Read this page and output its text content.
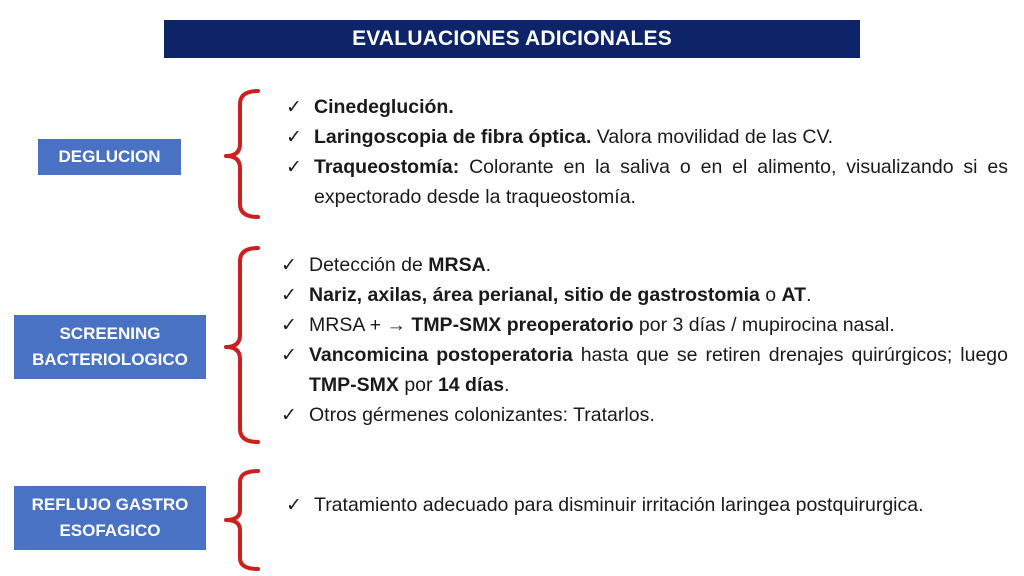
EVALUACIONES ADICIONALES
DEGLUCION
✓ Cinedeglución.
✓ Laringoscopia de fibra óptica. Valora movilidad de las CV.
✓ Traqueostomía: Colorante en la saliva o en el alimento, visualizando si es expectorado desde la traqueostomía.
SCREENING
BACTERIOLOGICO
✓ Detección de MRSA.
✓ Nariz, axilas, área perianal, sitio de gastrostomia o AT.
✓ MRSA + → TMP-SMX preoperatorio por 3 días / mupirocina nasal.
✓ Vancomicina postoperatoria hasta que se retiren drenajes quirúrgicos; luego TMP-SMX por 14 días.
✓ Otros gérmenes colonizantes: Tratarlos.
REFLUJO GASTRO
ESOFAGICO
✓ Tratamiento adecuado para disminuir irritación laringea postquirurgica.
